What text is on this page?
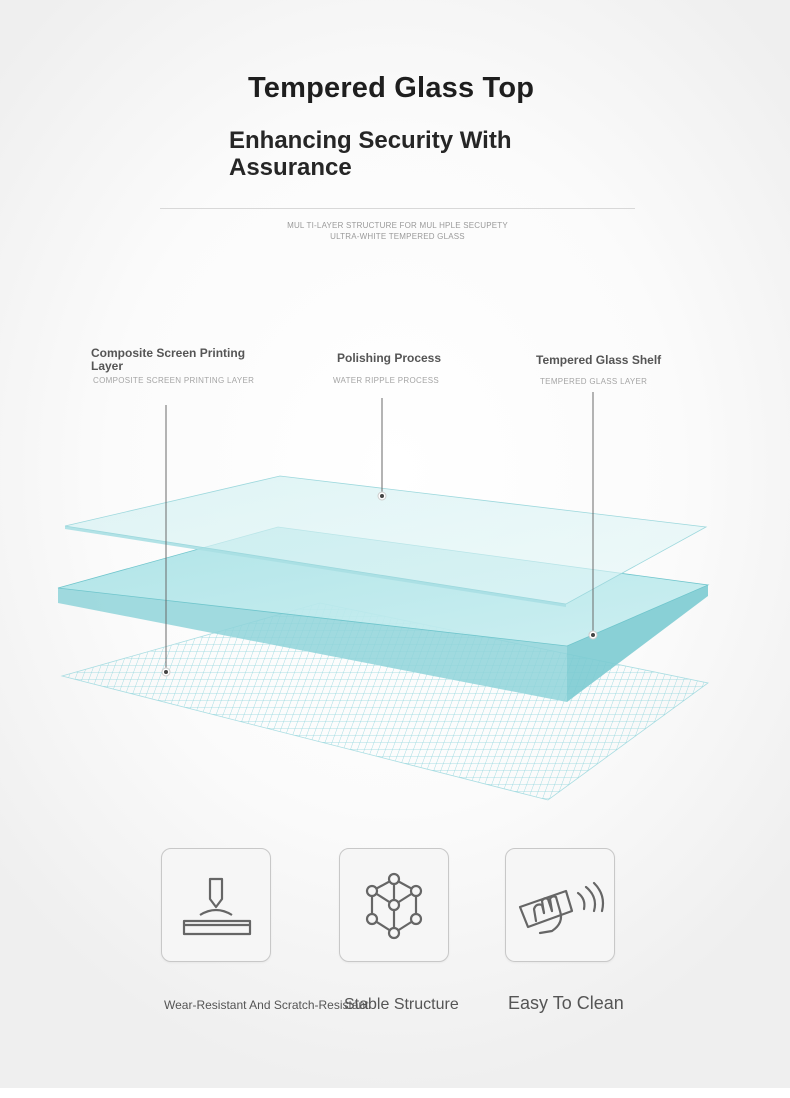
Tempered Glass Top
Enhancing Security With Assurance
MUL TI-LAYER STRUCTURE FOR MUL HPLE SECUPETY
ULTRA-WHITE TEMPERED GLASS
Composite Screen Printing Layer
COMPOSITE SCREEN PRINTING LAYER
Polishing Process
WATER RIPPLE PROCESS
Tempered Glass Shelf
TEMPERED GLASS LAYER
Wear-Resistant And Scratch-Resistant
Stable Structure	Easy To Clean
